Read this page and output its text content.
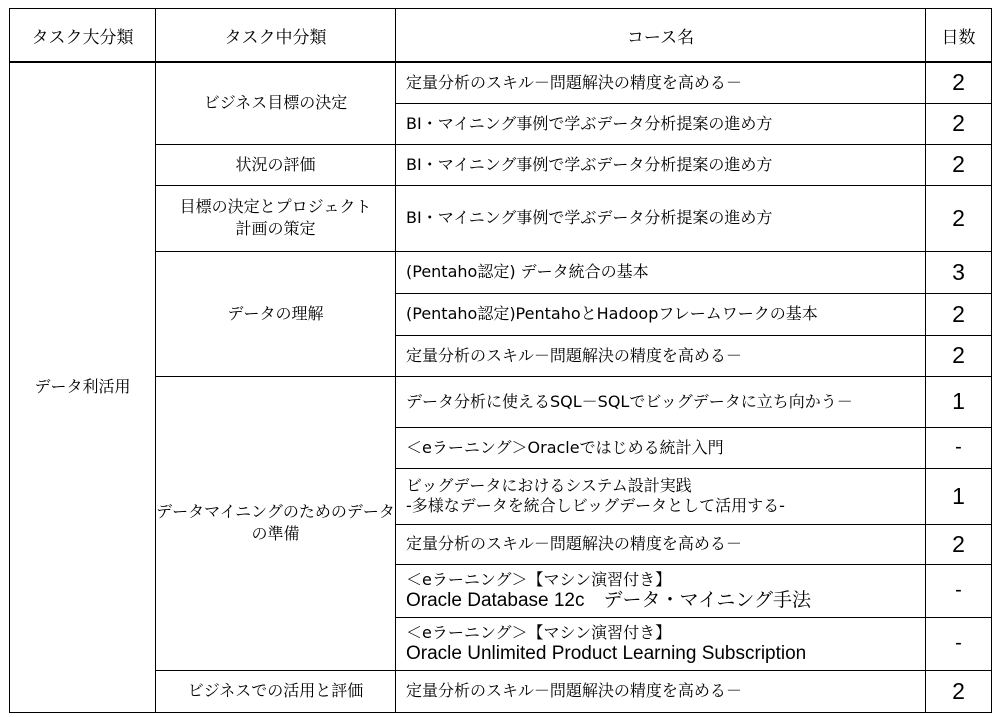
タスク大分類	タスク中分類	コース名	日数
データ利活用	ビジネス目標の決定	定量分析のスキル－問題解決の精度を高める－	2

		BI・マイニング事例で学ぶデータ分析提案の進め方	2

	状況の評価	BI・マイニング事例で学ぶデータ分析提案の進め方	2

	目標の決定とプロジェクト
計画の策定	BI・マイニング事例で学ぶデータ分析提案の進め方	2

	データの理解	(Pentaho認定) データ統合の基本	3

		(Pentaho認定)PentahoとHadoopフレームワークの基本	2

		定量分析のスキル－問題解決の精度を高める－	2

	データマイニングのためのデータ
の準備	データ分析に使えるSQL－SQLでビッグデータに立ち向かう－	1

		＜eラーニング＞Oracleではじめる統計入門	-

		ビッグデータにおけるシステム設計実践
-多様なデータを統合しビッグデータとして活用する-	1

		定量分析のスキル－問題解決の精度を高める－	2

		＜eラーニング＞【マシン演習付き】
Oracle Database 12c　データ・マイニング手法	-

		＜eラーニング＞【マシン演習付き】
Oracle Unlimited Product Learning Subscription	-

	ビジネスでの活用と評価	定量分析のスキル－問題解決の精度を高める－	2
